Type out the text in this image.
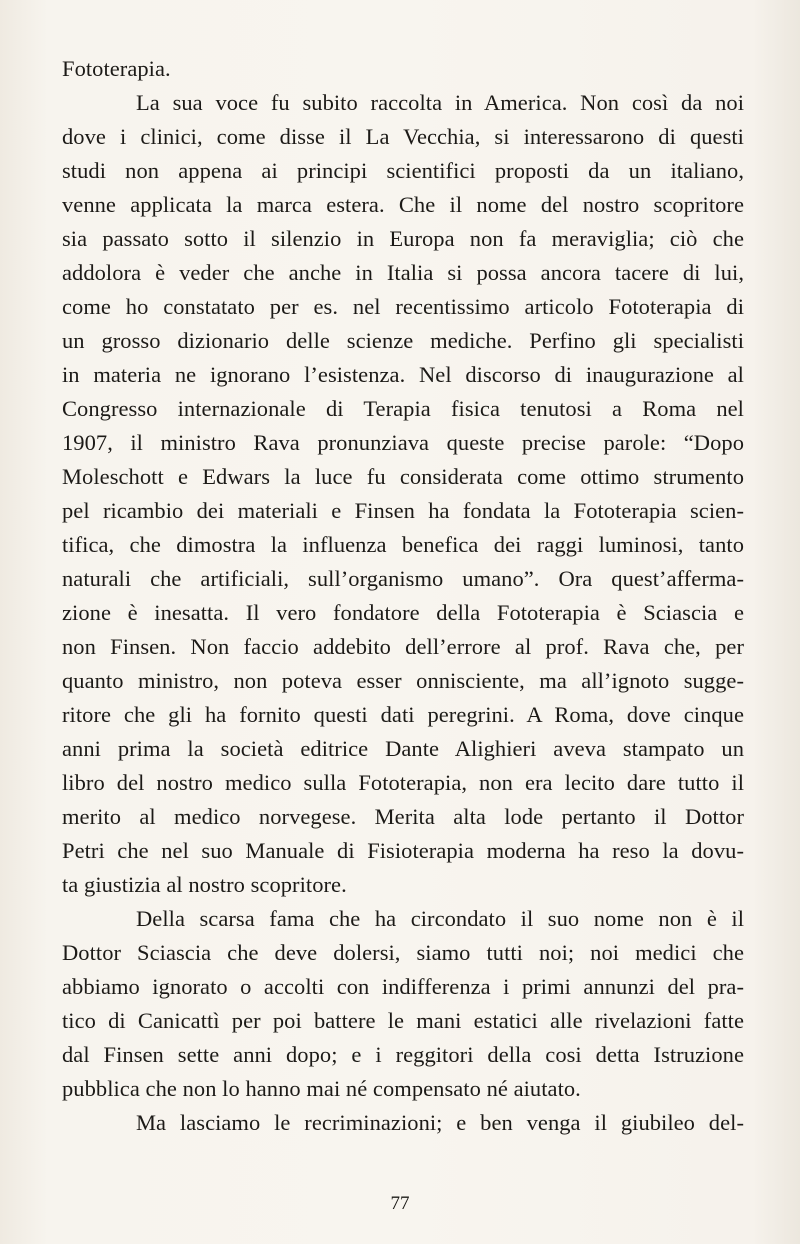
Fototerapia.
La sua voce fu subito raccolta in America. Non così da noi
dove i clinici, come disse il La Vecchia, si interessarono di questi
studi non appena ai principi scientifici proposti da un italiano,
venne applicata la marca estera. Che il nome del nostro scopritore
sia passato sotto il silenzio in Europa non fa meraviglia; ciò che
addolora è veder che anche in Italia si possa ancora tacere di lui,
come ho constatato per es. nel recentissimo articolo Fototerapia di
un grosso dizionario delle scienze mediche. Perfino gli specialisti
in materia ne ignorano l’esistenza. Nel discorso di inaugurazione al
Congresso internazionale di Terapia fisica tenutosi a Roma nel
1907, il ministro Rava pronunziava queste precise parole: “Dopo
Moleschott e Edwars la luce fu considerata come ottimo strumento
pel ricambio dei materiali e Finsen ha fondata la Fototerapia scien-
tifica, che dimostra la influenza benefica dei raggi luminosi, tanto
naturali che artificiali, sull’organismo umano”. Ora quest’afferma-
zione è inesatta. Il vero fondatore della Fototerapia è Sciascia e
non Finsen. Non faccio addebito dell’errore al prof. Rava che, per
quanto ministro, non poteva esser onnisciente, ma all’ignoto sugge-
ritore che gli ha fornito questi dati peregrini. A Roma, dove cinque
anni prima la società editrice Dante Alighieri aveva stampato un
libro del nostro medico sulla Fototerapia, non era lecito dare tutto il
merito al medico norvegese. Merita alta lode pertanto il Dottor
Petri che nel suo Manuale di Fisioterapia moderna ha reso la dovu-
ta giustizia al nostro scopritore.
Della scarsa fama che ha circondato il suo nome non è il
Dottor Sciascia che deve dolersi, siamo tutti noi; noi medici che
abbiamo ignorato o accolti con indifferenza i primi annunzi del pra-
tico di Canicattì per poi battere le mani estatici alle rivelazioni fatte
dal Finsen sette anni dopo; e i reggitori della cosi detta Istruzione
pubblica che non lo hanno mai né compensato né aiutato.
Ma lasciamo le recriminazioni; e ben venga il giubileo del-
77
